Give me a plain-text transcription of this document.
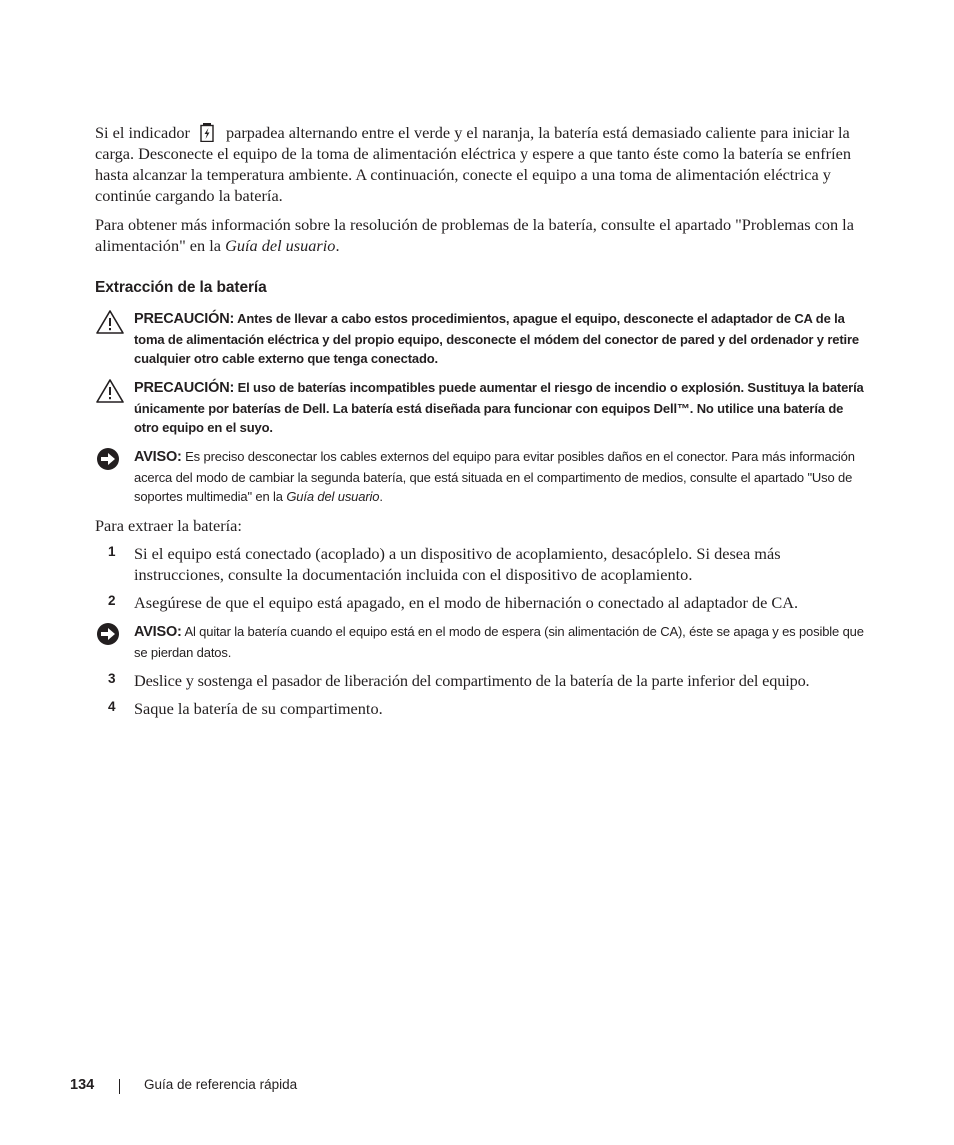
Si el indicador parpadea alternando entre el verde y el naranja, la batería está demasiado caliente para iniciar la carga. Desconecte el equipo de la toma de alimentación eléctrica y espere a que tanto éste como la batería se enfríen hasta alcanzar la temperatura ambiente. A continuación, conecte el equipo a una toma de alimentación eléctrica y continúe cargando la batería.

Para obtener más información sobre la resolución de problemas de la batería, consulte el apartado "Problemas con la alimentación" en la Guía del usuario.

Extracción de la batería
PRECAUCIÓN: Antes de llevar a cabo estos procedimientos, apague el equipo, desconecte el adaptador de CA de la toma de alimentación eléctrica y del propio equipo, desconecte el módem del conector de pared y del ordenador y retire cualquier otro cable externo que tenga conectado.
PRECAUCIÓN: El uso de baterías incompatibles puede aumentar el riesgo de incendio o explosión. Sustituya la batería únicamente por baterías de Dell. La batería está diseñada para funcionar con equipos Dell™. No utilice una batería de otro equipo en el suyo.
AVISO: Es preciso desconectar los cables externos del equipo para evitar posibles daños en el conector. Para más información acerca del modo de cambiar la segunda batería, que está situada en el compartimento de medios, consulte el apartado "Uso de soportes multimedia" en la Guía del usuario.

Para extraer la batería:

1 Si el equipo está conectado (acoplado) a un dispositivo de acoplamiento, desacóplelo. Si desea más instrucciones, consulte la documentación incluida con el dispositivo de acoplamiento.
2 Asegúrese de que el equipo está apagado, en el modo de hibernación o conectado al adaptador de CA.
AVISO: Al quitar la batería cuando el equipo está en el modo de espera (sin alimentación de CA), éste se apaga y es posible que se pierdan datos.
3 Deslice y sostenga el pasador de liberación del compartimento de la batería de la parte inferior del equipo.
4 Saque la batería de su compartimento.
134	Guía de referencia rápida
